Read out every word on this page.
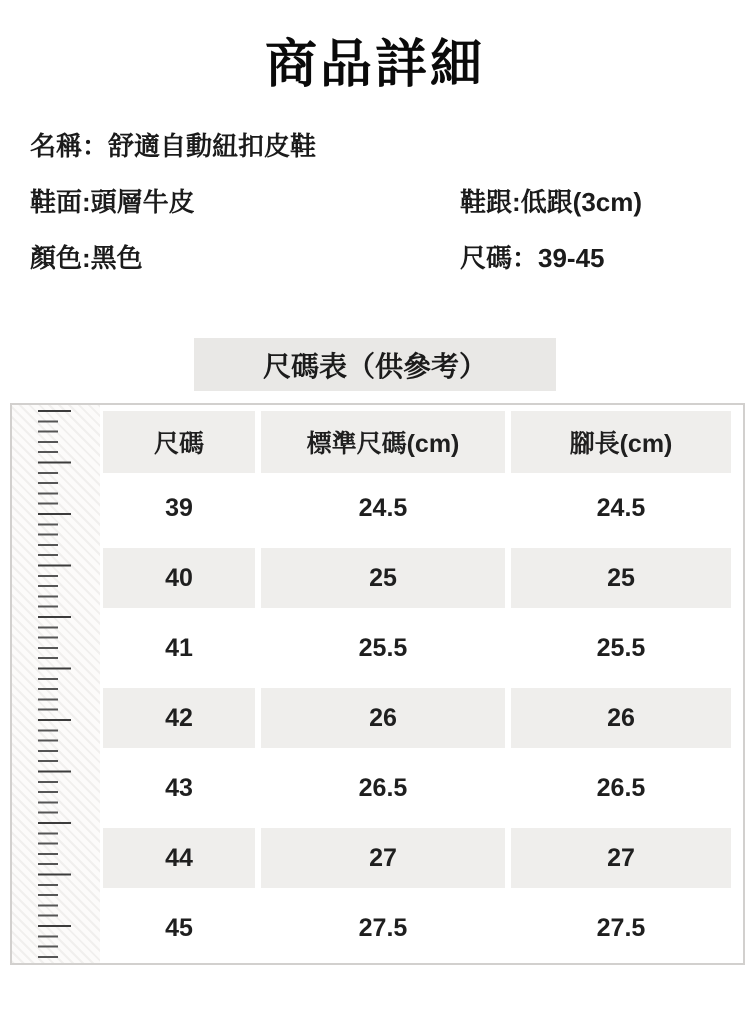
商品詳細
名稱：舒適自動紐扣皮鞋
鞋面:頭層牛皮	鞋跟:低跟(3cm)
顏色:黑色	尺碼：39-45
尺碼表（供參考）
尺碼	標準尺碼(cm)	腳長(cm)
39	24.5	24.5
40	25	25
41	25.5	25.5
42	26	26
43	26.5	26.5
44	27	27
45	27.5	27.5
